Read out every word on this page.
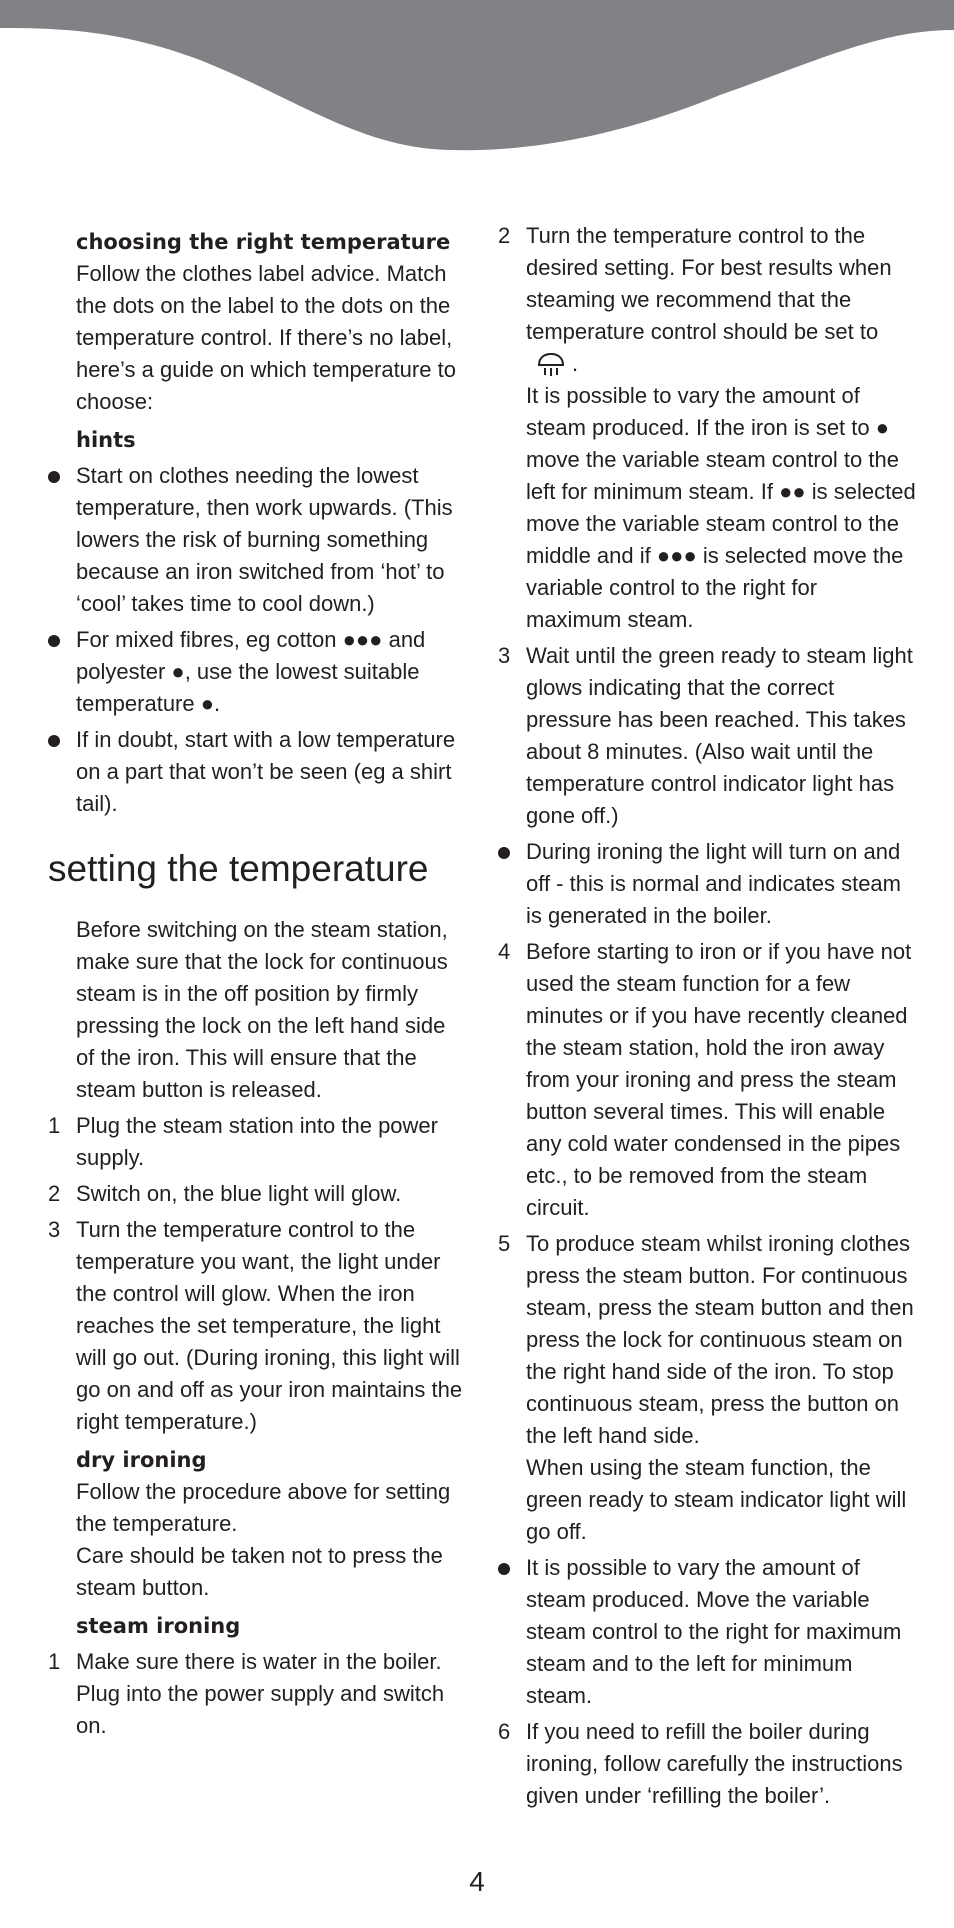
choosing the right temperature
Follow the clothes label advice. Match the dots on the label to the dots on the temperature control. If there’s no label, here’s a guide on which temperature to choose:
hints
Start on clothes needing the lowest temperature, then work upwards. (This lowers the risk of burning something because an iron switched from ‘hot’ to ‘cool’ takes time to cool down.)
For mixed fibres, eg cotton ●●● and polyester ●, use the lowest suitable temperature ●.
If in doubt, start with a low temperature on a part that won’t be seen (eg a shirt tail).
setting the temperature
Before switching on the steam station, make sure that the lock for continuous steam is in the off position by firmly pressing the lock on the left hand side of the iron. This will ensure that the steam button is released.
1 Plug the steam station into the power supply.
2 Switch on, the blue light will glow.
3 Turn the temperature control to the temperature you want, the light under the control will glow. When the iron reaches the set temperature, the light will go out. (During ironing, this light will go on and off as your iron maintains the right temperature.)
dry ironing
Follow the procedure above for setting the temperature.
Care should be taken not to press the steam button.
steam ironing
1 Make sure there is water in the boiler. Plug into the power supply and switch on.
2 Turn the temperature control to the desired setting. For best results when steaming we recommend that the temperature control should be set to .
It is possible to vary the amount of steam produced. If the iron is set to ● move the variable steam control to the left for minimum steam. If ●● is selected move the variable steam control to the middle and if ●●● is selected move the variable control to the right for maximum steam.
3 Wait until the green ready to steam light glows indicating that the correct pressure has been reached. This takes about 8 minutes. (Also wait until the temperature control indicator light has gone off.)
During ironing the light will turn on and off - this is normal and indicates steam is generated in the boiler.
4 Before starting to iron or if you have not used the steam function for a few minutes or if you have recently cleaned the steam station, hold the iron away from your ironing and press the steam button several times. This will enable any cold water condensed in the pipes etc., to be removed from the steam circuit.
5 To produce steam whilst ironing clothes press the steam button. For continuous steam, press the steam button and then press the lock for continuous steam on the right hand side of the iron. To stop continuous steam, press the button on the left hand side.
When using the steam function, the green ready to steam indicator light will go off.
It is possible to vary the amount of steam produced. Move the variable steam control to the right for maximum steam and to the left for minimum steam.
6 If you need to refill the boiler during ironing, follow carefully the instructions given under ‘refilling the boiler’.
4
